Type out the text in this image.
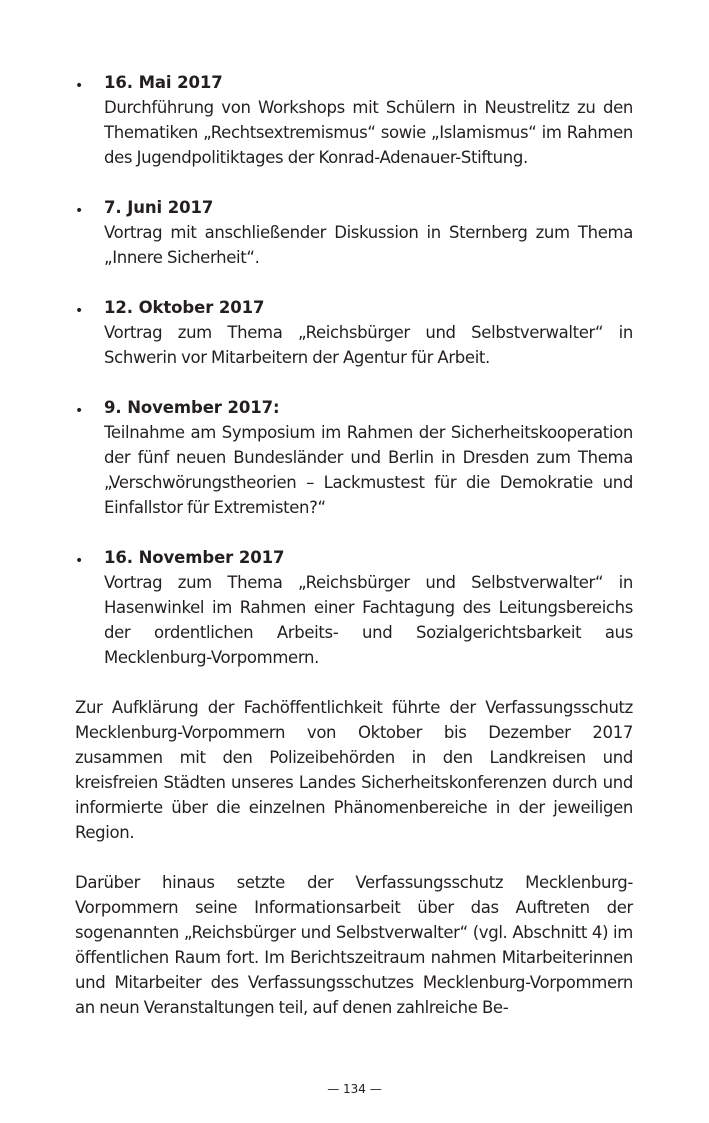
• 16. Mai 2017
Durchführung von Workshops mit Schülern in Neustrelitz zu den Thematiken „Rechtsextremismus“ sowie „Islamismus“ im Rahmen des Jugendpolitiktages der Konrad-Adenauer-Stiftung.
• 7. Juni 2017
Vortrag mit anschließender Diskussion in Sternberg zum Thema „Innere Sicherheit“.
• 12. Oktober 2017
Vortrag zum Thema „Reichsbürger und Selbstverwalter“ in Schwerin vor Mitarbeitern der Agentur für Arbeit.
• 9. November 2017:
Teilnahme am Symposium im Rahmen der Sicherheitskooperation der fünf neuen Bundesländer und Berlin in Dresden zum Thema „Verschwörungstheorien – Lackmustest für die Demokratie und Einfallstor für Extremisten?“
• 16. November 2017
Vortrag zum Thema „Reichsbürger und Selbstverwalter“ in Hasenwinkel im Rahmen einer Fachtagung des Leitungsbereichs der ordentlichen Arbeits- und Sozialgerichtsbarkeit aus Mecklenburg-Vorpommern.

Zur Aufklärung der Fachöffentlichkeit führte der Verfassungsschutz Mecklenburg-Vorpommern von Oktober bis Dezember 2017 zusammen mit den Polizeibehörden in den Landkreisen und kreisfreien Städten unseres Landes Sicherheitskonferenzen durch und informierte über die einzelnen Phänomenbereiche in der jeweiligen Region.

Darüber hinaus setzte der Verfassungsschutz Mecklenburg-Vorpommern seine Informationsarbeit über das Auftreten der sogenannten „Reichsbürger und Selbstverwalter“ (vgl. Abschnitt 4) im öffentlichen Raum fort. Im Berichtszeitraum nahmen Mitarbeiterinnen und Mitarbeiter des Verfassungsschutzes Mecklenburg-Vorpommern an neun Veranstaltungen teil, auf denen zahlreiche Be-

— 134 —
